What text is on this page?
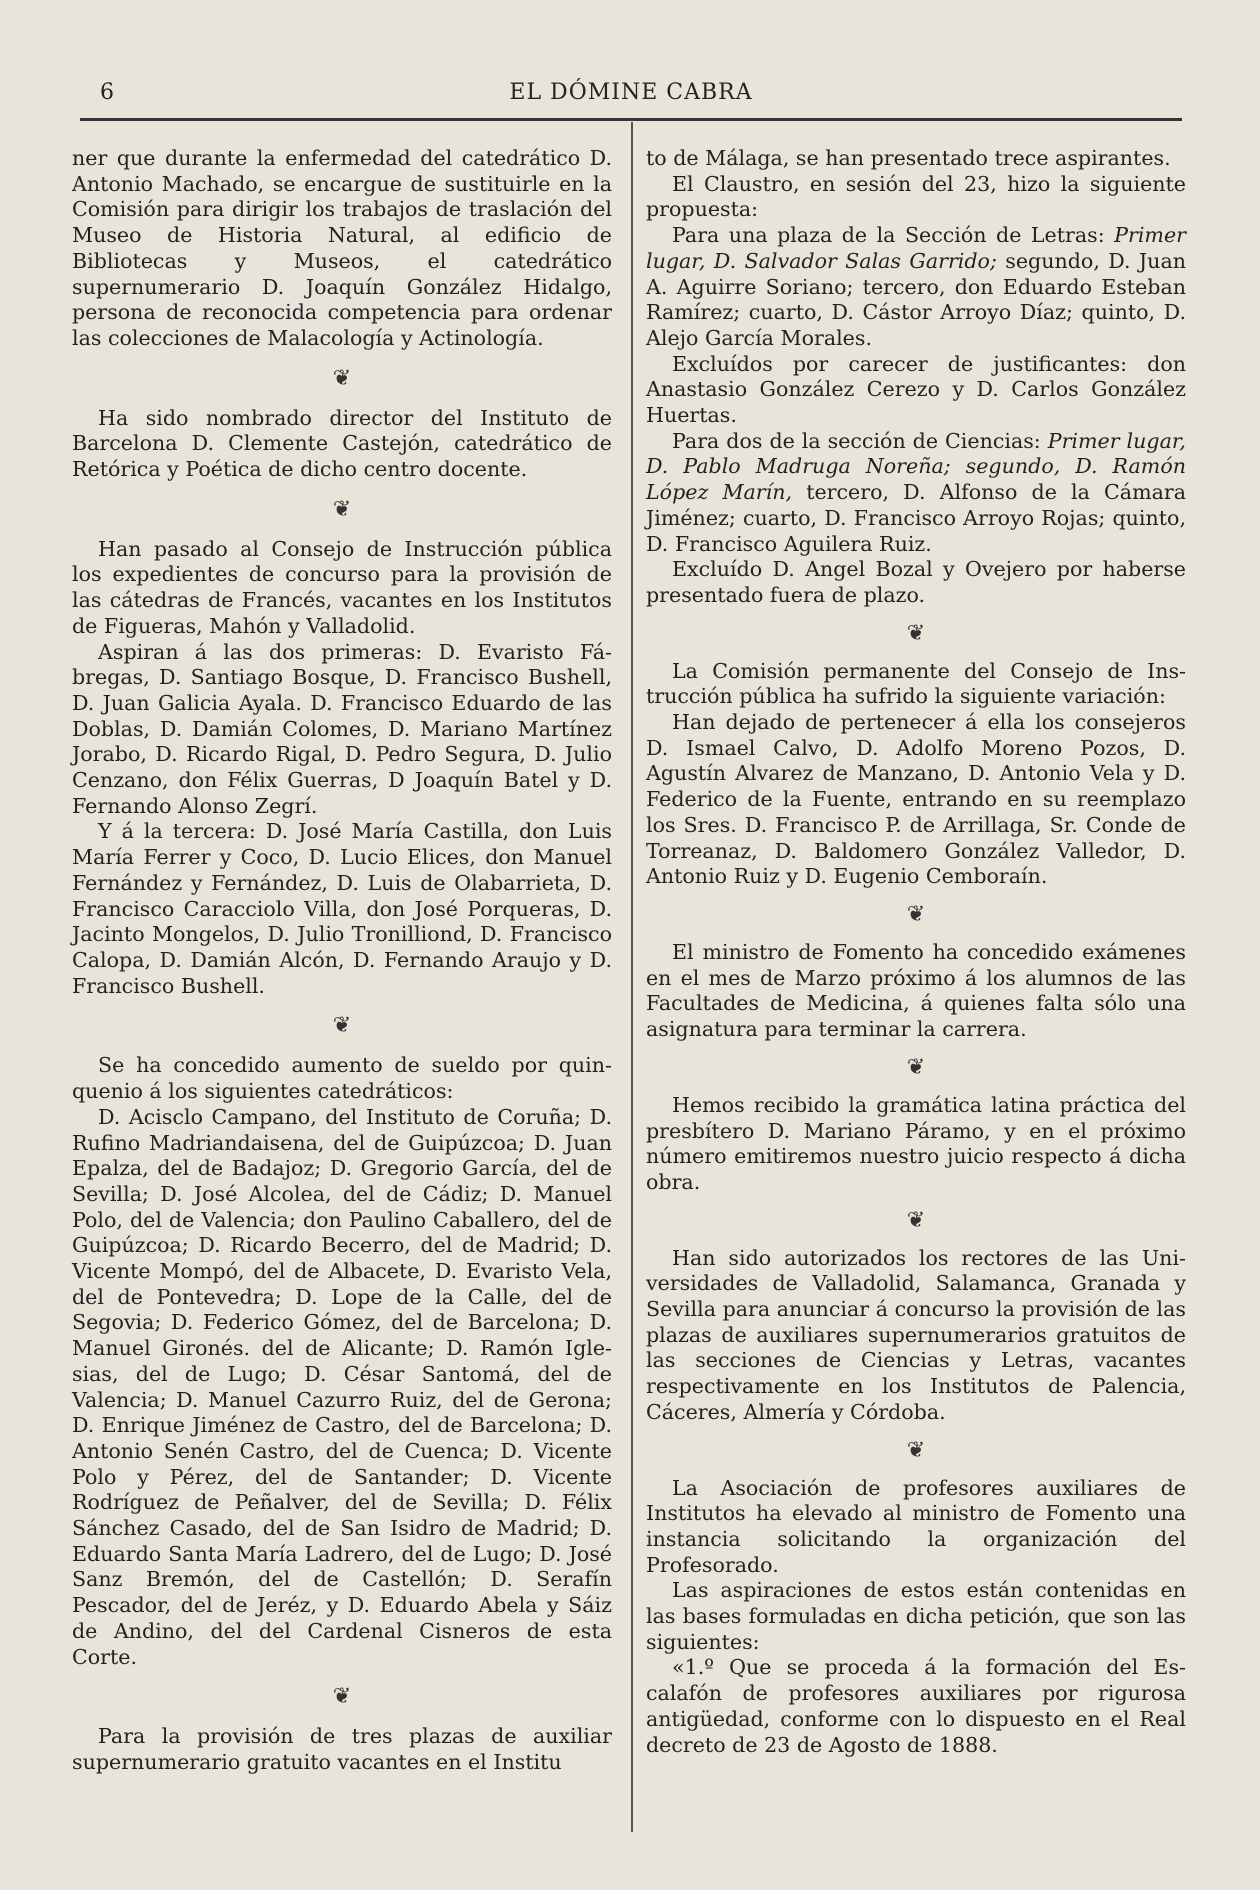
6	EL DÓMINE CABRA

ner que durante la enfermedad del catedrático D. Antonio Machado, se encargue de sustituirle en la Comisión para dirigir los trabajos de traslación del Museo de Historia Natural, al edificio de Bibliotecas y Museos, el catedrático supernumerario D. Joaquín González Hidalgo, persona de reconocida competencia para ordenar las colecciones de Malacología y Actinología.

❦

Ha sido nombrado director del Instituto de Barcelona D. Clemente Castejón, catedrático de Retórica y Poética de dicho centro docente.

❦

Han pasado al Consejo de Instrucción pública los expedientes de concurso para la provisión de las cátedras de Francés, vacantes en los Institutos de Figueras, Mahón y Valladolid.

Aspiran á las dos primeras: D. Evaristo Fábregas, D. Santiago Bosque, D. Francisco Bushell, D. Juan Galicia Ayala. D. Francisco Eduardo de las Doblas, D. Damián Colomes, D. Mariano Martínez Jorabo, D. Ricardo Rigal, D. Pedro Segura, D. Julio Cenzano, don Félix Guerras, D Joaquín Batel y D. Fernando Alonso Zegrí.

Y á la tercera: D. José María Castilla, don Luis María Ferrer y Coco, D. Lucio Elices, don Manuel Fernández y Fernández, D. Luis de Olabarrieta, D. Francisco Caracciolo Villa, don José Porqueras, D. Jacinto Mongelos, D. Julio Tronilliond, D. Francisco Calopa, D. Damián Alcón, D. Fernando Araujo y D. Francisco Bushell.

❦

Se ha concedido aumento de sueldo por quinquenio á los siguientes catedráticos:

D. Acisclo Campano, del Instituto de Coruña; D. Rufino Madriandaisena, del de Guipúzcoa; D. Juan Epalza, del de Badajoz; D. Gregorio García, del de Sevilla; D. José Alcolea, del de Cádiz; D. Manuel Polo, del de Valencia; don Paulino Caballero, del de Guipúzcoa; D. Ricardo Becerro, del de Madrid; D. Vicente Mompó, del de Albacete, D. Evaristo Vela, del de Pontevedra; D. Lope de la Calle, del de Segovia; D. Federico Gómez, del de Barcelona; D. Manuel Gironés. del de Alicante; D. Ramón Iglesias, del de Lugo; D. César Santomá, del de Valencia; D. Manuel Cazurro Ruiz, del de Gerona; D. Enrique Jiménez de Castro, del de Barcelona; D. Antonio Senén Castro, del de Cuenca; D. Vicente Polo y Pérez, del de Santander; D. Vicente Rodríguez de Peñalver, del de Sevilla; D. Félix Sánchez Casado, del de San Isidro de Madrid; D. Eduardo Santa María Ladrero, del de Lugo; D. José Sanz Bremón, del de Castellón; D. Serafín Pescador, del de Jeréz, y D. Eduardo Abela y Sáiz de Andino, del del Cardenal Cisneros de esta Corte.

❦

Para la provisión de tres plazas de auxiliar supernumerario gratuito vacantes en el Institu

to de Málaga, se han presentado trece aspirantes.

El Claustro, en sesión del 23, hizo la siguiente propuesta:

Para una plaza de la Sección de Letras: Primer lugar, D. Salvador Salas Garrido; segundo, D. Juan A. Aguirre Soriano; tercero, don Eduardo Esteban Ramírez; cuarto, D. Cástor Arroyo Díaz; quinto, D. Alejo García Morales.

Excluídos por carecer de justificantes: don Anastasio González Cerezo y D. Carlos González Huertas.

Para dos de la sección de Ciencias: Primer lugar, D. Pablo Madruga Noreña; segundo, D. Ramón López Marín, tercero, D. Alfonso de la Cámara Jiménez; cuarto, D. Francisco Arroyo Rojas; quinto, D. Francisco Aguilera Ruiz.

Excluído D. Angel Bozal y Ovejero por haberse presentado fuera de plazo.

❦

La Comisión permanente del Consejo de Instrucción pública ha sufrido la siguiente variación:

Han dejado de pertenecer á ella los consejeros D. Ismael Calvo, D. Adolfo Moreno Pozos, D. Agustín Alvarez de Manzano, D. Antonio Vela y D. Federico de la Fuente, entrando en su reemplazo los Sres. D. Francisco P. de Arrillaga, Sr. Conde de Torreanaz, D. Baldomero González Valledor, D. Antonio Ruiz y D. Eugenio Cemboraín.

❦

El ministro de Fomento ha concedido exámenes en el mes de Marzo próximo á los alumnos de las Facultades de Medicina, á quienes falta sólo una asignatura para terminar la carrera.

❦

Hemos recibido la gramática latina práctica del presbítero D. Mariano Páramo, y en el próximo número emitiremos nuestro juicio respecto á dicha obra.

❦

Han sido autorizados los rectores de las Universidades de Valladolid, Salamanca, Granada y Sevilla para anunciar á concurso la provisión de las plazas de auxiliares supernumerarios gratuitos de las secciones de Ciencias y Letras, vacantes respectivamente en los Institutos de Palencia, Cáceres, Almería y Córdoba.

❦

La Asociación de profesores auxiliares de Institutos ha elevado al ministro de Fomento una instancia solicitando la organización del Profesorado.

Las aspiraciones de estos están contenidas en las bases formuladas en dicha petición, que son las siguientes:

«1.º Que se proceda á la formación del Escalafón de profesores auxiliares por rigurosa antigüedad, conforme con lo dispuesto en el Real decreto de 23 de Agosto de 1888.
